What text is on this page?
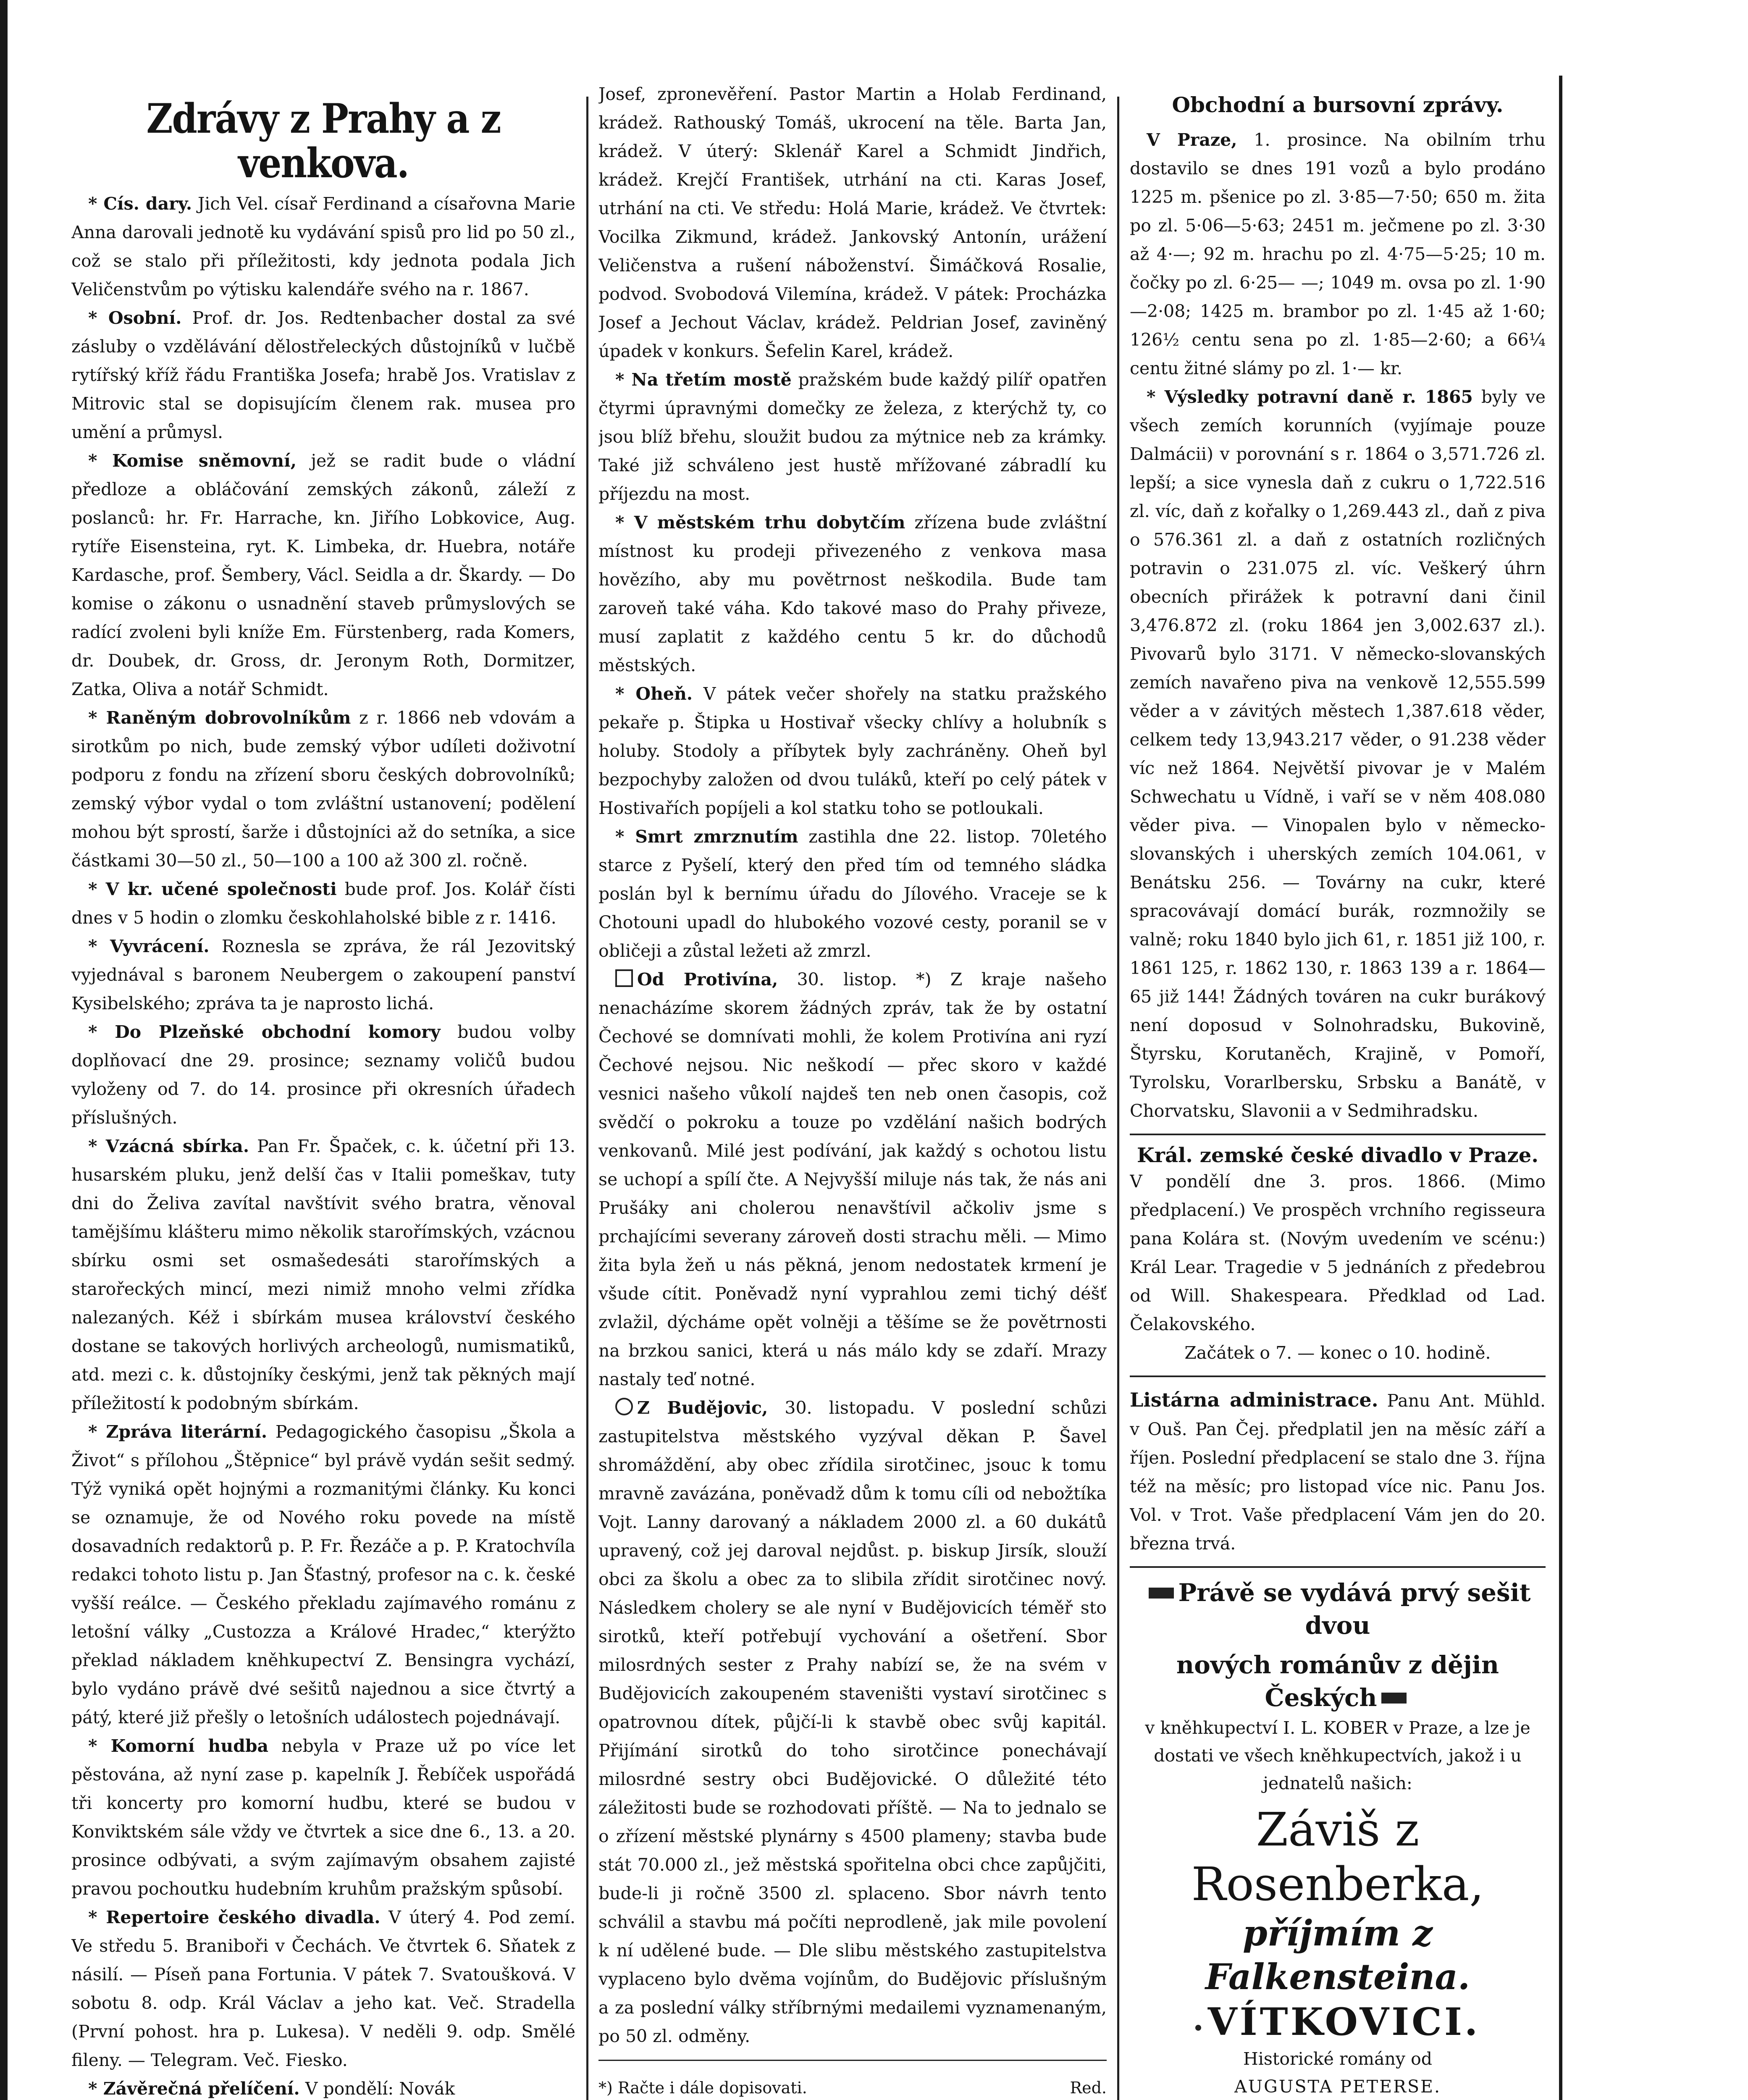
Zdrávy z Prahy a z venkova.

* Cís. dary. Jich Vel. císař Ferdinand a císařovna Marie Anna darovali jednotě ku vydávání spisů pro lid po 50 zl., což se stalo při příležitosti, kdy jednota podala Jich Veličenstvům po výtisku kalendáře svého na r. 1867.

* Osobní. Prof. dr. Jos. Redtenbacher dostal za své zásluby o vzdělávání dělostřeleckých důstojníků v lučbě rytířský kříž řádu Františka Josefa; hrabě Jos. Vratislav z Mitrovic stal se dopisujícím členem rak. musea pro umění a průmysl.

* Komise sněmovní, jež se radit bude o vládní předloze a obláčování zemských zákonů, záleží z poslanců: hr. Fr. Harrache, kn. Jiřího Lobkovice, Aug. rytíře Eisensteina, ryt. K. Limbeka, dr. Huebra, notáře Kardasche, prof. Šembery, Václ. Seidla a dr. Škardy. — Do komise o zákonu o usnadnění staveb průmyslových se radící zvoleni byli kníže Em. Fürstenberg, rada Komers, dr. Doubek, dr. Gross, dr. Jeronym Roth, Dormitzer, Zatka, Oliva a notář Schmidt.

* Raněným dobrovolníkům z r. 1866 neb vdovám a sirotkům po nich, bude zemský výbor udíleti doživotní podporu z fondu na zřízení sboru českých dobrovolníků; zemský výbor vydal o tom zvláštní ustanovení; podělení mohou být sprostí, šarže i důstojníci až do setníka, a sice částkami 30—50 zl., 50—100 a 100 až 300 zl. ročně.

* V kr. učené společnosti bude prof. Jos. Kolář čísti dnes v 5 hodin o zlomku českohlaholské bible z r. 1416.

* Vyvrácení. Roznesla se zpráva, že rál Jezovitský vyjednával s baronem Neubergem o zakoupení panství Kysibelského; zpráva ta je naprosto lichá.

* Do Plzeňské obchodní komory budou volby doplňovací dne 29. prosince; seznamy voličů budou vyloženy od 7. do 14. prosince při okresních úřadech příslušných.

* Vzácná sbírka. Pan Fr. Špaček, c. k. účetní při 13. husarském pluku, jenž delší čas v Italii pomeškav, tuty dni do Želiva zavítal navštívit svého bratra, věnoval tamějšímu klášteru mimo několik starořímských, vzácnou sbírku osmi set osmašedesáti starořímských a starořeckých mincí, mezi nimiž mnoho velmi zřídka nalezaných. Kéž i sbírkám musea království českého dostane se takových horlivých archeologů, numismatiků, atd. mezi c. k. důstojníky českými, jenž tak pěkných mají příležitostí k podobným sbírkám.

* Zpráva literární. Pedagogického časopisu „Škola a Život“ s přílohou „Štěpnice“ byl právě vydán sešit sedmý. Týž vyniká opět hojnými a rozmanitými články. Ku konci se oznamuje, že od Nového roku povede na místě dosavadních redaktorů p. P. Fr. Řezáče a p. P. Kratochvíla redakci tohoto listu p. Jan Šťastný, profesor na c. k. české vyšší reálce. — Českého překladu zajímavého románu z letošní války „Custozza a Králové Hradec,“ kterýžto překlad nákladem kněhkupectví Z. Bensingra vychází, bylo vydáno právě dvé sešitů najednou a sice čtvrtý a pátý, které již přešly o letošních událostech pojednávají.

* Komorní hudba nebyla v Praze už po více let pěstována, až nyní zase p. kapelník J. Řebíček uspořádá tři koncerty pro komorní hudbu, které se budou v Konviktském sále vždy ve čtvrtek a sice dne 6., 13. a 20. prosince odbývati, a svým zajímavým obsahem zajisté pravou pochoutku hudebním kruhům pražským spůsobí.

* Repertoire českého divadla. V úterý 4. Pod zemí. Ve středu 5. Braniboři v Čechách. Ve čtvrtek 6. Sňatek z násilí. — Píseň pana Fortunia. V pátek 7. Svatoušková. V sobotu 8. odp. Král Václav a jeho kat. Več. Stradella (První pohost. hra p. Lukesa). V neděli 9. odp. Smělé fileny. — Telegram. Več. Fiesko.

* Závěrečná přelíčení. V pondělí: Novák

Josef, zpronevěření. Pastor Martin a Holab Ferdinand, krádež. Rathouský Tomáš, ukrocení na těle. Barta Jan, krádež. V úterý: Sklenář Karel a Schmidt Jindřich, krádež. Krejčí František, utrhání na cti. Karas Josef, utrhání na cti. Ve středu: Holá Marie, krádež. Ve čtvrtek: Vocilka Zikmund, krádež. Jankovský Antonín, urážení Veličenstva a rušení náboženství. Šimáčková Rosalie, podvod. Svobodová Vilemína, krádež. V pátek: Procházka Josef a Jechout Václav, krádež. Peldrian Josef, zaviněný úpadek v konkurs. Šefelin Karel, krádež.

* Na třetím mostě pražském bude každý pilíř opatřen čtyrmi úpravnými domečky ze železa, z kterýchž ty, co jsou blíž břehu, sloužit budou za mýtnice neb za krámky. Také již schváleno jest hustě mřížované zábradlí ku příjezdu na most.

* V městském trhu dobytčím zřízena bude zvláštní místnost ku prodeji přivezeného z venkova masa hovězího, aby mu povětrnost neškodila. Bude tam zaroveň také váha. Kdo takové maso do Prahy přiveze, musí zaplatit z každého centu 5 kr. do důchodů městských.

* Oheň. V pátek večer shořely na statku pražského pekaře p. Štipka u Hostivař všecky chlívy a holubník s holuby. Stodoly a příbytek byly zachráněny. Oheň byl bezpochyby založen od dvou tuláků, kteří po celý pátek v Hostivařích popíjeli a kol statku toho se potloukali.

* Smrt zmrznutím zastihla dne 22. listop. 70letého starce z Pyšelí, který den před tím od temného sládka poslán byl k bernímu úřadu do Jílového. Vraceje se k Chotouni upadl do hlubokého vozové cesty, poranil se v obličeji a zůstal ležeti až zmrzl.

Od Protivína, 30. listop. *) Z kraje našeho nenacházíme skorem žádných zpráv, tak že by ostatní Čechové se domnívati mohli, že kolem Protivína ani ryzí Čechové nejsou. Nic neškodí — přec skoro v každé vesnici našeho vůkolí najdeš ten neb onen časopis, což svědčí o pokroku a touze po vzdělání našich bodrých venkovanů. Milé jest podívání, jak každý s ochotou listu se uchopí a spílí čte. A Nejvyšší miluje nás tak, že nás ani Prušáky ani cholerou nenavštívil ačkoliv jsme s prchajícími severany zároveň dosti strachu měli. — Mimo žita byla žeň u nás pěkná, jenom nedostatek krmení je všude cítit. Poněvadž nyní vyprahlou zemi tichý déšť zvlažil, dýcháme opět volněji a těšíme se že povětrnosti na brzkou sanici, která u nás málo kdy se zdaří. Mrazy nastaly teď notné.

Z Budějovic, 30. listopadu. V poslední schůzi zastupitelstva městského vyzýval děkan P. Šavel shromáždění, aby obec zřídila sirotčinec, jsouc k tomu mravně zavázána, poněvadž dům k tomu cíli od nebožtíka Vojt. Lanny darovaný a nákladem 2000 zl. a 60 dukátů upravený, což jej daroval nejdůst. p. biskup Jirsík, slouží obci za školu a obec za to slibila zřídit sirotčinec nový. Následkem cholery se ale nyní v Budějovicích téměř sto sirotků, kteří potřebují vychování a ošetření. Sbor milosrdných sester z Prahy nabízí se, že na svém v Budějovicích zakoupeném staveništi vystaví sirotčinec s opatrovnou dítek, půjčí-li k stavbě obec svůj kapitál. Přijímání sirotků do toho sirotčince ponechávají milosrdné sestry obci Budějovické. O důležité této záležitosti bude se rozhodovati příště. — Na to jednalo se o zřízení městské plynárny s 4500 plameny; stavba bude stát 70.000 zl., jež městská spořitelna obci chce zapůjčiti, bude-li ji ročně 3500 zl. splaceno. Sbor návrh tento schválil a stavbu má počíti neprodleně, jak mile povolení k ní udělené bude. — Dle slibu městského zastupitelstva vyplaceno bylo dvěma vojínům, do Budějovic příslušným a za poslední války stříbrnými medailemi vyznamenaným, po 50 zl. odměny.

*) Račte i dále dopisovati.	Red.

Obchodní a bursovní zprávy.

V Praze, 1. prosince. Na obilním trhu dostavilo se dnes 191 vozů a bylo prodáno 1225 m. pšenice po zl. 3·85—7·50; 650 m. žita po zl. 5·06—5·63; 2451 m. ječmene po zl. 3·30 až 4·—; 92 m. hrachu po zl. 4·75—5·25; 10 m. čočky po zl. 6·25— —; 1049 m. ovsa po zl. 1·90—2·08; 1425 m. brambor po zl. 1·45 až 1·60; 126½ centu sena po zl. 1·85—2·60; a 66¼ centu žitné slámy po zl. 1·— kr.

* Výsledky potravní daně r. 1865 byly ve všech zemích korunních (vyjímaje pouze Dalmácii) v porovnání s r. 1864 o 3,571.726 zl. lepší; a sice vynesla daň z cukru o 1,722.516 zl. víc, daň z kořalky o 1,269.443 zl., daň z piva o 576.361 zl. a daň z ostatních rozličných potravin o 231.075 zl. víc. Veškerý úhrn obecních přirážek k potravní dani činil 3,476.872 zl. (roku 1864 jen 3,002.637 zl.). Pivovarů bylo 3171. V německo-slovanských zemích navařeno piva na venkově 12,555.599 věder a v závitých městech 1,387.618 věder, celkem tedy 13,943.217 věder, o 91.238 věder víc než 1864. Největší pivovar je v Malém Schwechatu u Vídně, i vaří se v něm 408.080 věder piva. — Vinopalen bylo v německo-slovanských i uherských zemích 104.061, v Benátsku 256. — Továrny na cukr, které spracovávají domácí burák, rozmnožily se valně; roku 1840 bylo jich 61, r. 1851 již 100, r. 1861 125, r. 1862 130, r. 1863 139 a r. 1864—65 již 144! Žádných továren na cukr burákový není doposud v Solnohradsku, Bukovině, Štyrsku, Korutaněch, Krajině, v Pomoří, Tyrolsku, Vorarlbersku, Srbsku a Banátě, v Chorvatsku, Slavonii a v Sedmihradsku.

Král. zemské české divadlo v Praze.

V pondělí dne 3. pros. 1866. (Mimo předplacení.) Ve prospěch vrchního regisseura pana Kolára st. (Novým uvedením ve scénu:) Král Lear. Tragedie v 5 jednáních z předebrou od Will. Shakespeara. Předklad od Lad. Čelakovského.

Začátek o 7. — konec o 10. hodině.

Listárna administrace. Panu Ant. Mühld. v Ouš. Pan Čej. předplatil jen na měsíc září a říjen. Poslední předplacení se stalo dne 3. října též na měsíc; pro listopad více nic. Panu Jos. Vol. v Trot. Vaše předplacení Vám jen do 20. března trvá.

Právě se vydává prvý sešit dvou
nových románův z dějin Českých
v kněhkupectví I. L. KOBER v Praze, a lze je dostati ve všech kněhkupectvích, jakož i u jednatelů našich:
Záviš z Rosenberka,
příjmím z Falkensteina.
VÍTKOVICI.
Historické romány od
AUGUSTA PETERSE.
